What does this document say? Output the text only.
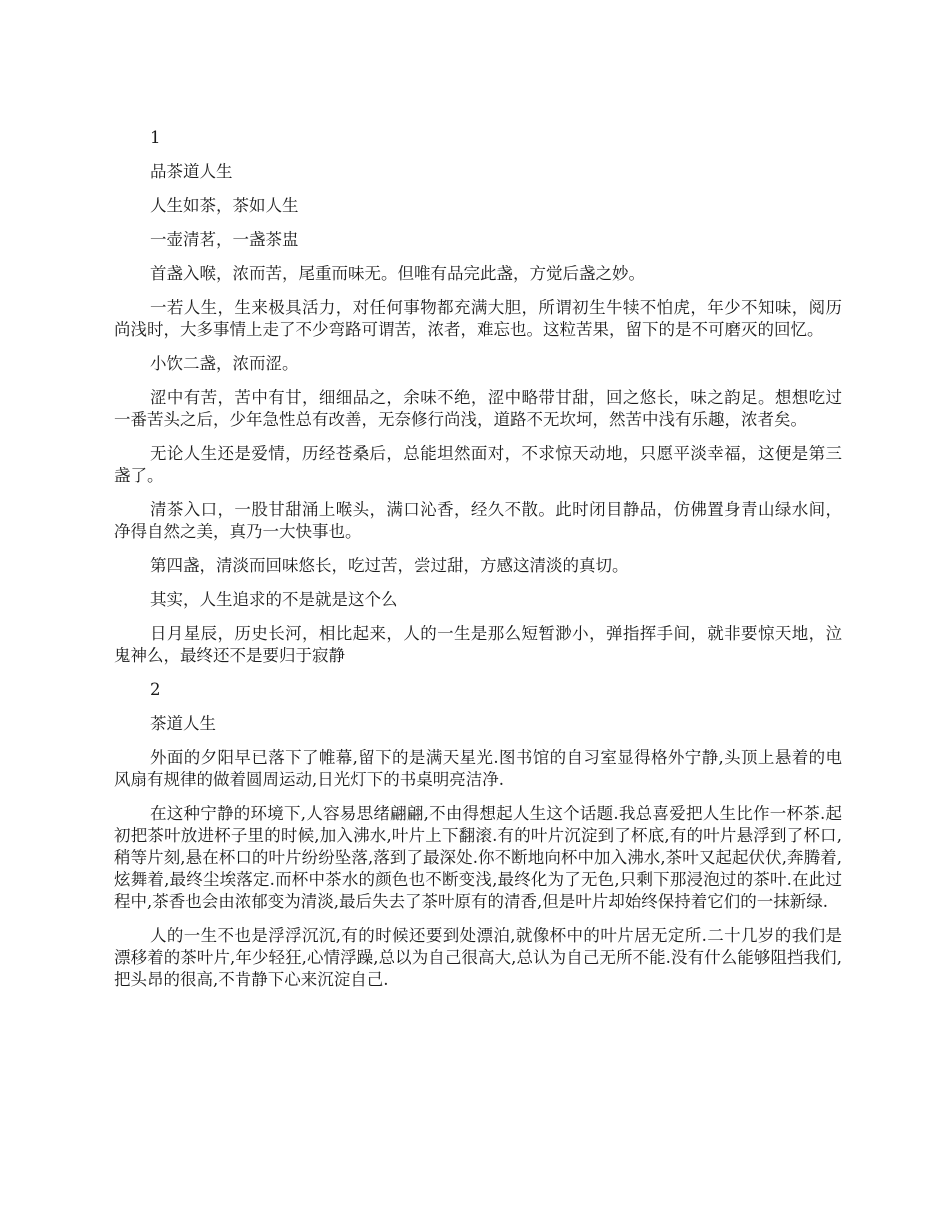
1

品茶道人生

人生如茶，茶如人生

一壶清茗，一盏茶盅

首盏入喉，浓而苦，尾重而味无。但唯有品完此盏，方觉后盏之妙。

一若人生，生来极具活力，对任何事物都充满大胆，所谓初生牛犊不怕虎，年少不知味，阅历尚浅时，大多事情上走了不少弯路可谓苦，浓者，难忘也。这粒苦果，留下的是不可磨灭的回忆。

小饮二盏，浓而涩。

涩中有苦，苦中有甘，细细品之，余味不绝，涩中略带甘甜，回之悠长，味之韵足。想想吃过一番苦头之后，少年急性总有改善，无奈修行尚浅，道路不无坎坷，然苦中浅有乐趣，浓者矣。

无论人生还是爱情，历经苍桑后，总能坦然面对，不求惊天动地，只愿平淡幸福，这便是第三盏了。

清茶入口，一股甘甜涌上喉头，满口沁香，经久不散。此时闭目静品，仿佛置身青山绿水间，净得自然之美，真乃一大快事也。

第四盏，清淡而回味悠长，吃过苦，尝过甜，方感这清淡的真切。

其实，人生追求的不是就是这个么

日月星辰，历史长河，相比起来，人的一生是那么短暂渺小，弹指挥手间，就非要惊天地，泣鬼神么，最终还不是要归于寂静

2

茶道人生

外面的夕阳早已落下了帷幕,留下的是满天星光.图书馆的自习室显得格外宁静,头顶上悬着的电风扇有规律的做着圆周运动,日光灯下的书桌明亮洁净.

在这种宁静的环境下,人容易思绪翩翩,不由得想起人生这个话题.我总喜爱把人生比作一杯茶.起初把茶叶放进杯子里的时候,加入沸水,叶片上下翻滚.有的叶片沉淀到了杯底,有的叶片悬浮到了杯口,稍等片刻,悬在杯口的叶片纷纷坠落,落到了最深处.你不断地向杯中加入沸水,茶叶又起起伏伏,奔腾着,炫舞着,最终尘埃落定.而杯中茶水的颜色也不断变浅,最终化为了无色,只剩下那浸泡过的茶叶.在此过程中,茶香也会由浓郁变为清淡,最后失去了茶叶原有的清香,但是叶片却始终保持着它们的一抹新绿.

人的一生不也是浮浮沉沉,有的时候还要到处漂泊,就像杯中的叶片居无定所.二十几岁的我们是漂移着的茶叶片,年少轻狂,心情浮躁,总以为自己很高大,总认为自己无所不能.没有什么能够阻挡我们,把头昂的很高,不肯静下心来沉淀自己.
